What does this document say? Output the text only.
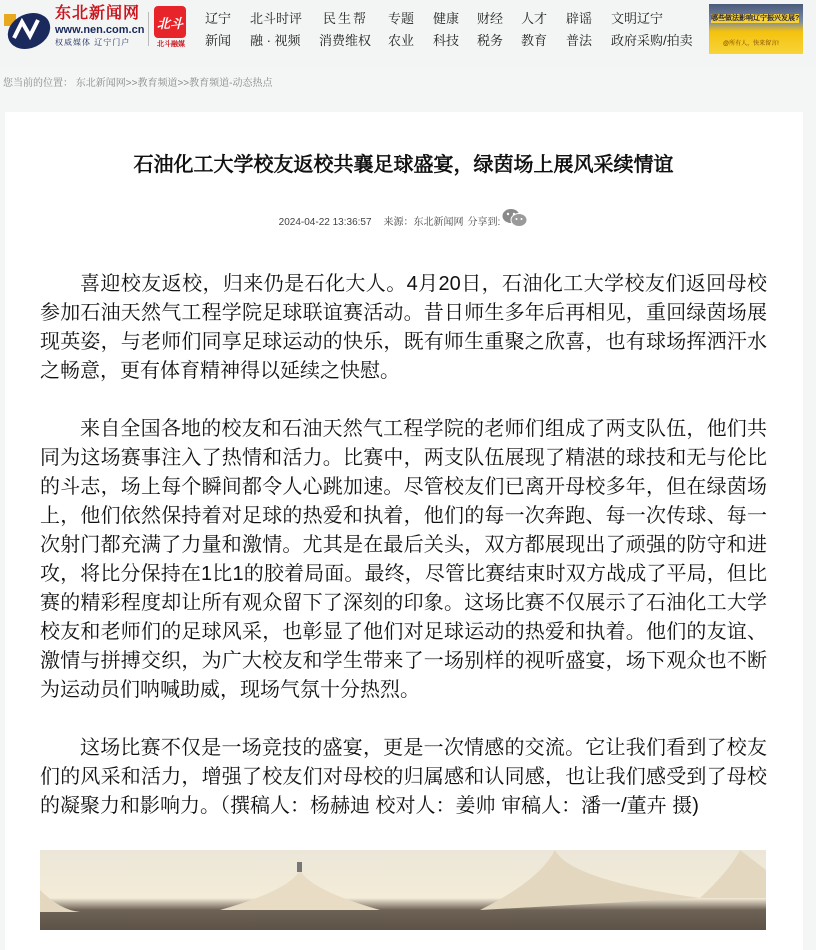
东北新闻网
www.nen.com.cn
权威媒体 辽宁门户
北斗
北斗融媒
辽宁 北斗时评 民生帮 专题 健康 财经 人才 辟谣 文明辽宁
新闻 融 · 视频 消费维权 农业 科技 税务 教育 普法 政府采购/拍卖
哪些做法影响辽宁振兴发展?
@所有人，快来留言!
您当前的位置： 东北新闻网>>教育频道>>教育频道-动态热点
石油化工大学校友返校共襄足球盛宴，绿茵场上展风采续情谊
2024-04-22 13:36:57 来源：东北新闻网 分享到:

喜迎校友返校，归来仍是石化大人。4月20日，石油化工大学校友们返回母校参加石油天然气工程学院足球联谊赛活动。昔日师生多年后再相见，重回绿茵场展现英姿，与老师们同享足球运动的快乐，既有师生重聚之欣喜，也有球场挥洒汗水之畅意，更有体育精神得以延续之快慰。

来自全国各地的校友和石油天然气工程学院的老师们组成了两支队伍，他们共同为这场赛事注入了热情和活力。比赛中，两支队伍展现了精湛的球技和无与伦比的斗志，场上每个瞬间都令人心跳加速。尽管校友们已离开母校多年，但在绿茵场上，他们依然保持着对足球的热爱和执着，他们的每一次奔跑、每一次传球、每一次射门都充满了力量和激情。尤其是在最后关头，双方都展现出了顽强的防守和进攻，将比分保持在1比1的胶着局面。最终，尽管比赛结束时双方战成了平局，但比赛的精彩程度却让所有观众留下了深刻的印象。这场比赛不仅展示了石油化工大学校友和老师们的足球风采，也彰显了他们对足球运动的热爱和执着。他们的友谊、激情与拼搏交织，为广大校友和学生带来了一场别样的视听盛宴，场下观众也不断为运动员们呐喊助威，现场气氛十分热烈。

这场比赛不仅是一场竞技的盛宴，更是一次情感的交流。它让我们看到了校友们的风采和活力，增强了校友们对母校的归属感和认同感，也让我们感受到了母校的凝聚力和影响力。（撰稿人：杨赫迪 校对人：姜帅 审稿人：潘一/董卉 摄)
